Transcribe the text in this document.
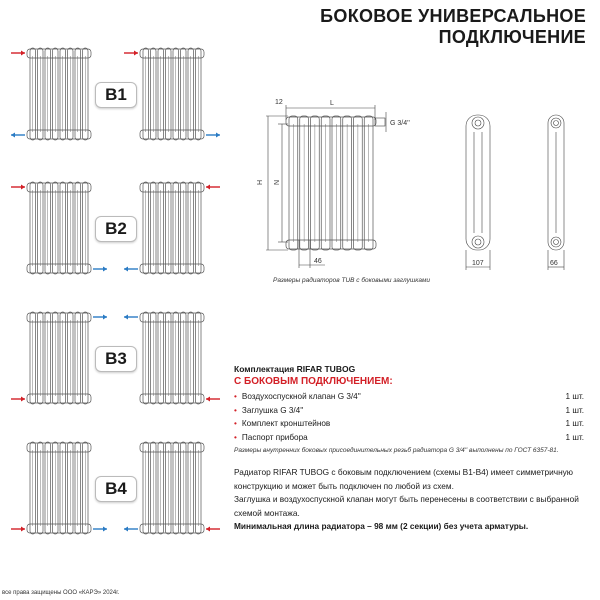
БОКОВОЕ УНИВЕРСАЛЬНОЕ
ПОДКЛЮЧЕНИЕ
B1
B2
B3
B4
12	L
G 3/4''
H N
46	107	66
Размеры радиаторов TUB с боковыми заглушками
Комплектация RIFAR TUBOG
С БОКОВЫМ ПОДКЛЮЧЕНИЕМ:
• Воздухоспускной клапан G 3/4''	1 шт.
• Заглушка G 3/4''	1 шт.
• Комплект кронштейнов	1 шт.
• Паспорт прибора	1 шт.
Размеры внутренних боковых присоединительных резьб радиатора G 3/4'' выполнены по ГОСТ 6357-81.
Радиатор RIFAR TUBOG с боковым подключением (схемы B1-B4) имеет симметричную конструкцию и может быть подключен по любой из схем.
Заглушка и воздухоспускной клапан могут быть перенесены в соответствии с выбранной схемой монтажа.
Минимальная длина радиатора – 98 мм (2 секции) без учета арматуры.
все права защищены ООО «КАРЭ» 2024г.
